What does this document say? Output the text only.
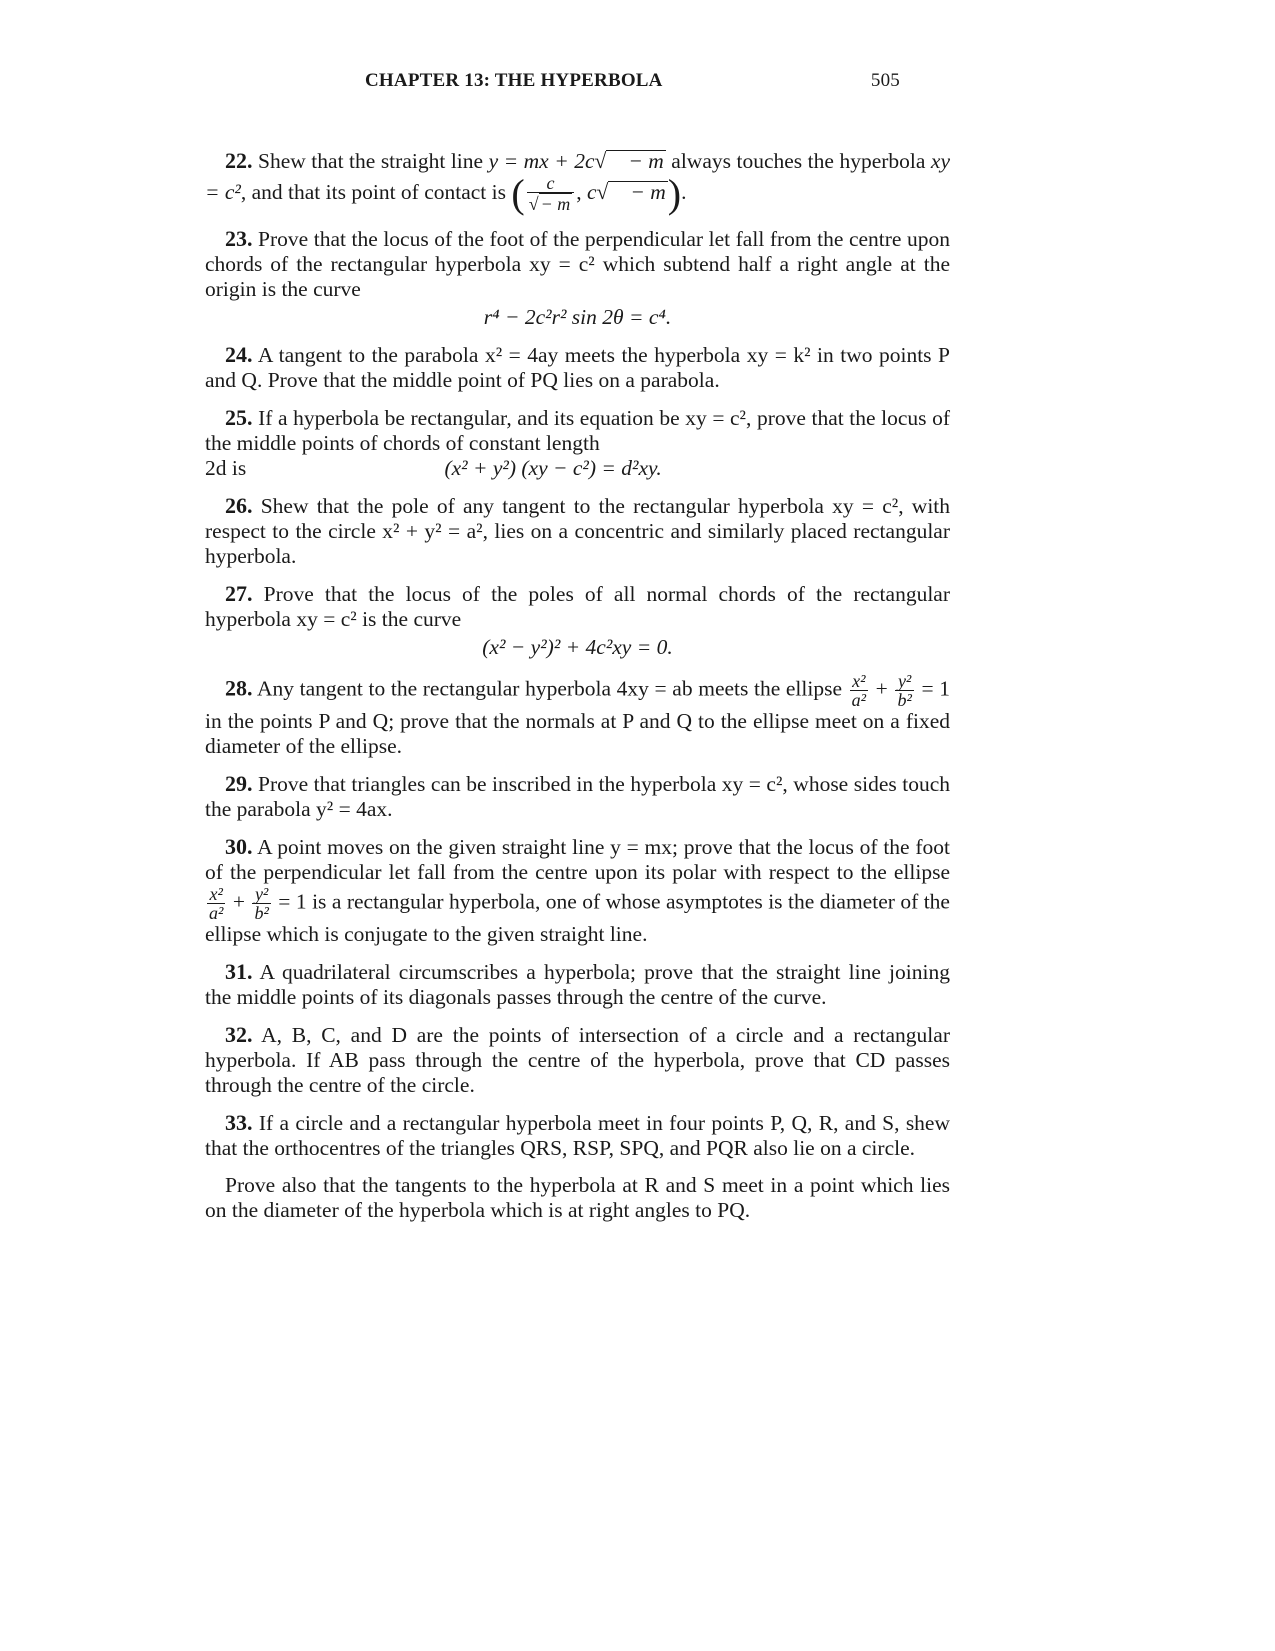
CHAPTER 13: THE HYPERBOLA	505

22. Shew that the straight line y = mx + 2c√ − m always touches the hyperbola xy = c², and that its point of contact is ( $\frac{c}{√ - m}$ , c√ − m).

23. Prove that the locus of the foot of the perpendicular let fall from the centre upon chords of the rectangular hyperbola xy = c² which subtend half a right angle at the origin is the curve
r⁴ − 2c²r² sin 2θ = c⁴.

24. A tangent to the parabola x² = 4ay meets the hyperbola xy = k² in two points P and Q. Prove that the middle point of PQ lies on a parabola.

25. If a hyperbola be rectangular, and its equation be xy = c², prove that the locus of the middle points of chords of constant length
2d is	(x² + y²) (xy − c²) = d²xy.

26. Shew that the pole of any tangent to the rectangular hyperbola xy = c², with respect to the circle x² + y² = a², lies on a concentric and similarly placed rectangular hyperbola.

27. Prove that the locus of the poles of all normal chords of the rectangular hyperbola xy = c² is the curve
(x² − y²)² + 4c²xy = 0.

28. Any tangent to the rectangular hyperbola 4xy = ab meets the ellipse $\frac{\text{x²}}{\text{a²}} + \frac{\text{y²}}{\text{b²}} = 1$ in the points P and Q; prove that the normals at P and Q to the ellipse meet on a fixed diameter of the ellipse.

29. Prove that triangles can be inscribed in the hyperbola xy = c², whose sides touch the parabola y² = 4ax.

30. A point moves on the given straight line y = mx; prove that the locus of the foot of the perpendicular let fall from the centre upon its polar with respect to the ellipse
$\frac{\text{x²}}{\text{a²}} + \frac{\text{y²}}{\text{b²}} = 1$ is a rectangular hyperbola, one of whose asymptotes is the diameter of the ellipse which is conjugate to the given straight line.

31. A quadrilateral circumscribes a hyperbola; prove that the straight line joining the middle points of its diagonals passes through the centre of the curve.

32. A, B, C, and D are the points of intersection of a circle and a rectangular hyperbola. If AB pass through the centre of the hyperbola, prove that CD passes through the centre of the circle.

33. If a circle and a rectangular hyperbola meet in four points P, Q, R, and S, shew that the orthocentres of the triangles QRS, RSP, SPQ, and PQR also lie on a circle.

Prove also that the tangents to the hyperbola at R and S meet in a point which lies on the diameter of the hyperbola which is at right angles to PQ.
